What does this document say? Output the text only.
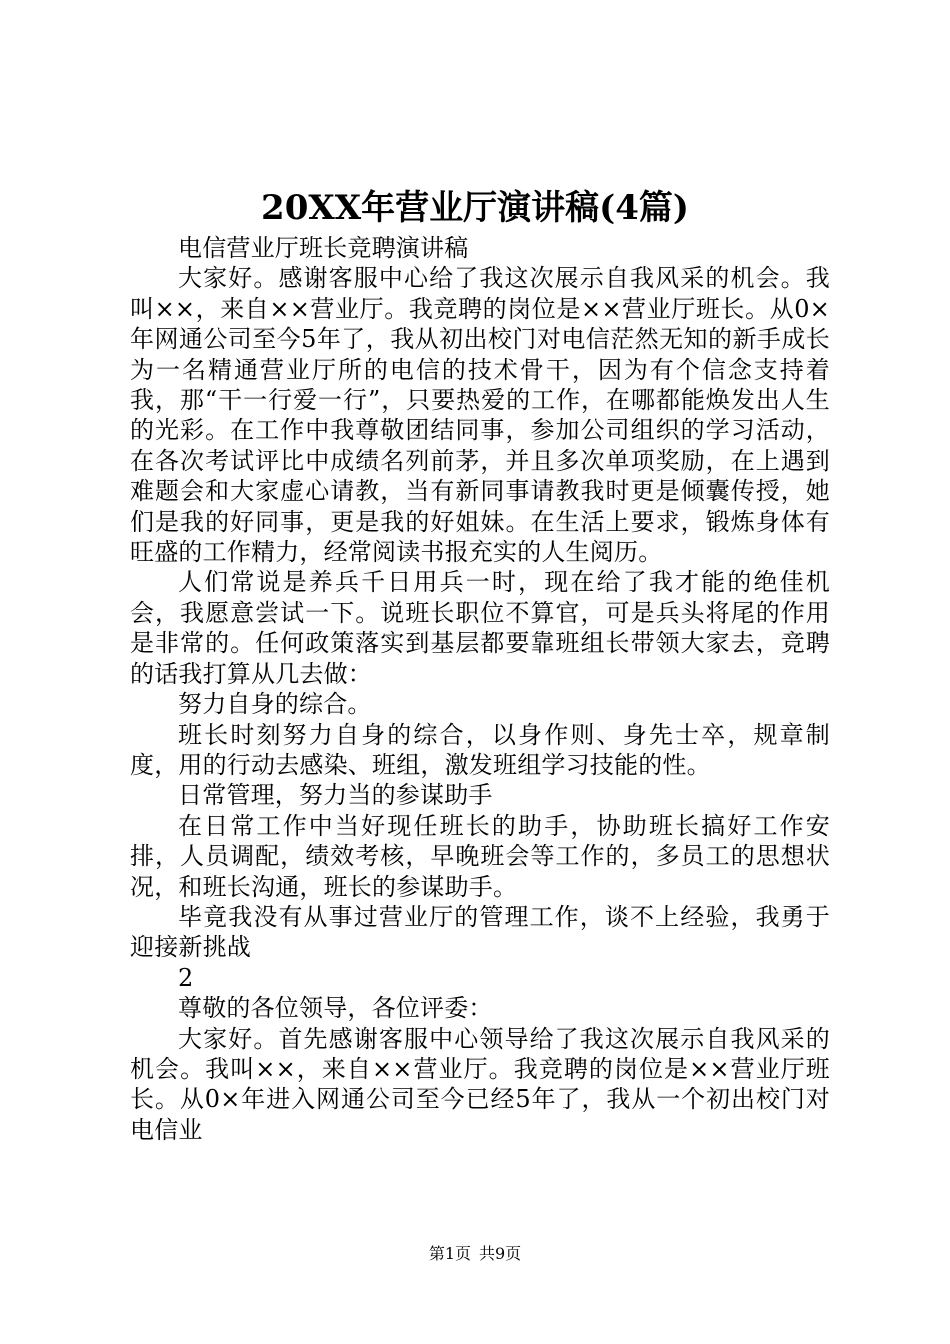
20XX年营业厅演讲稿(4篇)

电信营业厅班长竞聘演讲稿

大家好。感谢客服中心给了我这次展示自我风采的机会。我叫××，来自××营业厅。我竞聘的岗位是××营业厅班长。从0×年网通公司至今5年了，我从初出校门对电信茫然无知的新手成长为一名精通营业厅所的电信的技术骨干，因为有个信念支持着我，那“干一行爱一行”，只要热爱的工作，在哪都能焕发出人生的光彩。在工作中我尊敬团结同事，参加公司组织的学习活动，在各次考试评比中成绩名列前茅，并且多次单项奖励，在上遇到难题会和大家虚心请教，当有新同事请教我时更是倾囊传授，她们是我的好同事，更是我的好姐妹。在生活上要求，锻炼身体有旺盛的工作精力，经常阅读书报充实的人生阅历。

人们常说是养兵千日用兵一时，现在给了我才能的绝佳机会，我愿意尝试一下。说班长职位不算官，可是兵头将尾的作用是非常的。任何政策落实到基层都要靠班组长带领大家去，竞聘的话我打算从几去做：

努力自身的综合。

班长时刻努力自身的综合，以身作则、身先士卒，规章制度，用的行动去感染、班组，激发班组学习技能的性。

日常管理，努力当的参谋助手

在日常工作中当好现任班长的助手，协助班长搞好工作安排，人员调配，绩效考核，早晚班会等工作的，多员工的思想状况，和班长沟通，班长的参谋助手。

毕竟我没有从事过营业厅的管理工作，谈不上经验，我勇于迎接新挑战

2

尊敬的各位领导，各位评委：

大家好。首先感谢客服中心领导给了我这次展示自我风采的机会。我叫××，来自××营业厅。我竞聘的岗位是××营业厅班长。从0×年进入网通公司至今已经5年了，我从一个初出校门对电信业

第1页 共9页
